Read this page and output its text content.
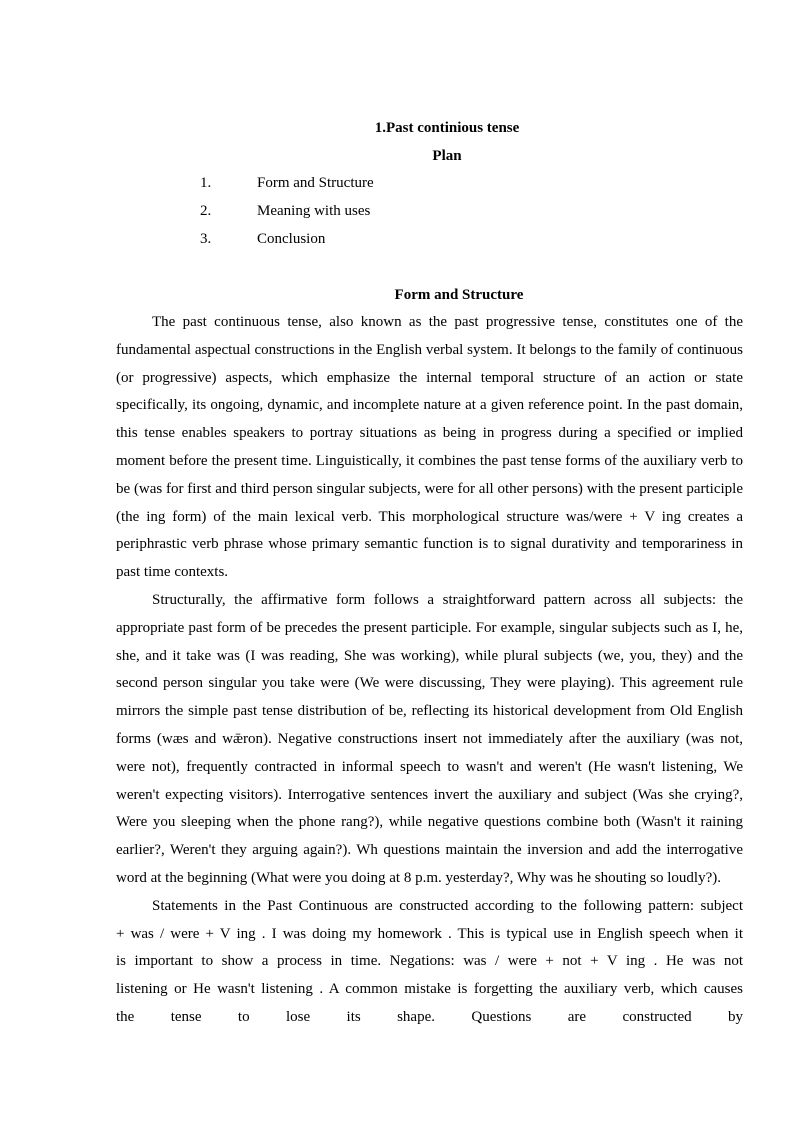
1.Past continious tense
Plan
1.	Form and Structure
2.	Meaning with uses
3.	Conclusion
Form and Structure

The past continuous tense, also known as the past progressive tense, constitutes one of the fundamental aspectual constructions in the English verbal system. It belongs to the family of continuous (or progressive) aspects, which emphasize the internal temporal structure of an action or state specifically, its ongoing, dynamic, and incomplete nature at a given reference point. In the past domain, this tense enables speakers to portray situations as being in progress during a specified or implied moment before the present time. Linguistically, it combines the past tense forms of the auxiliary verb to be (was for first and third person singular subjects, were for all other persons) with the present participle (the ing form) of the main lexical verb. This morphological structure was/were + V ing creates a periphrastic verb phrase whose primary semantic function is to signal durativity and temporariness in past time contexts.

Structurally, the affirmative form follows a straightforward pattern across all subjects: the appropriate past form of be precedes the present participle. For example, singular subjects such as I, he, she, and it take was (I was reading, She was working), while plural subjects (we, you, they) and the second person singular you take were (We were discussing, They were playing). This agreement rule mirrors the simple past tense distribution of be, reflecting its historical development from Old English forms (wæs and wǣron). Negative constructions insert not immediately after the auxiliary (was not, were not), frequently contracted in informal speech to wasn't and weren't (He wasn't listening, We weren't expecting visitors). Interrogative sentences invert the auxiliary and subject (Was she crying?, Were you sleeping when the phone rang?), while negative questions combine both (Wasn't it raining earlier?, Weren't they arguing again?). Wh questions maintain the inversion and add the interrogative word at the beginning (What were you doing at 8 p.m. yesterday?, Why was he shouting so loudly?).

Statements in the Past Continuous are constructed according to the following pattern: subject + was / were + V ing . I was doing my homework . This is typical use in English speech when it is important to show a process in time. Negations: was / were + not + V ing . He was not listening or He wasn't listening . A common mistake is forgetting the auxiliary verb, which causes the tense to lose its shape. Questions are constructed by
